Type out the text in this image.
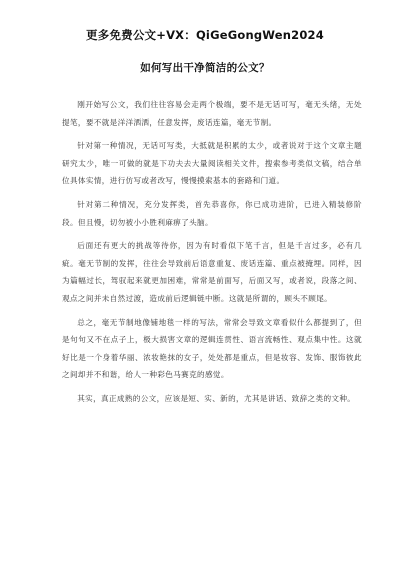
更多免费公文+VX：QiGeGongWen2024
如何写出干净简洁的公文？

刚开始写公文，我们往往容易会走两个极端，要不是无话可写，毫无头绪，无处提笔，要不就是洋洋洒洒，任意发挥，废话连篇，毫无节制。

针对第一种情况，无话可写类，大抵就是积累的太少，或者说对于这个文章主题研究太少，唯一可做的就是下功夫去大量阅读相关文件，搜索参考类似文稿，结合单位具体实情，进行仿写或者改写，慢慢摸索基本的套路和门道。

针对第二种情况，充分发挥类，首先恭喜你，你已成功进阶，已进入精装修阶段。但且慢，切勿被小小胜利麻痹了头脑。

后面还有更大的挑战等待你，因为有时看似下笔千言，但是千言过多，必有几疵。毫无节制的发挥，往往会导致前后语意重复、废话连篇、重点被掩埋。同样，因为篇幅过长，驾驭起来就更加困难，常常是前面写，后面又写，或者说，段落之间、观点之间并未自然过渡，造成前后逻辑链中断。这就是所谓的，顾头不顾尾。

总之，毫无节制地像铺地毯一样的写法，常常会导致文章看似什么都提到了，但是句句又不在点子上，极大损害文章的逻辑连贯性、语言流畅性、观点集中性。这就好比是一个身着华丽、浓妆艳抹的女子，处处都是重点，但是妆容、发饰、服饰彼此之间却并不和谐，给人一种彩色马赛克的感觉。

其实，真正成熟的公文，应该是短、实、新的，尤其是讲话、致辞之类的文种。
